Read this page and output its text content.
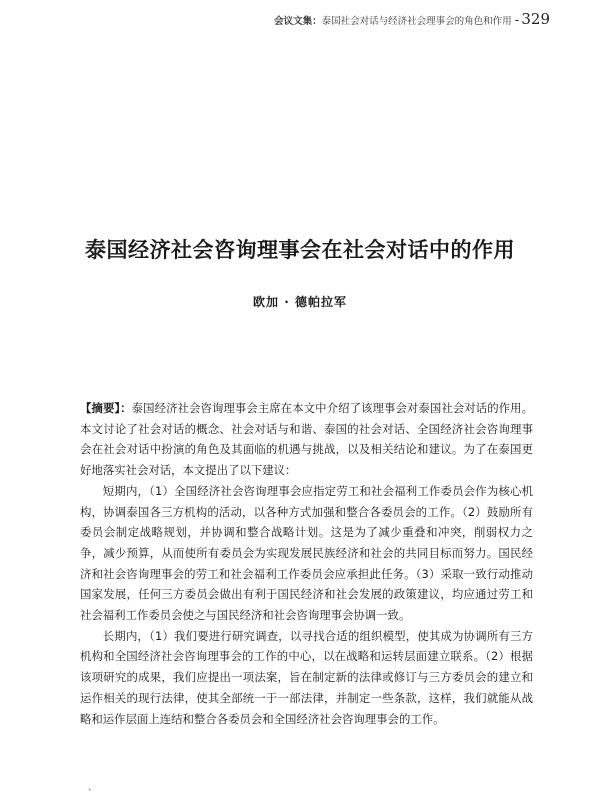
会议文集： 泰国社会对话与经济社会理事会的角色和作用 - 329
泰国经济社会咨询理事会在社会对话中的作用
欧加 · 德帕拉军

【摘要】：泰国经济社会咨询理事会主席在本文中介绍了该理事会对泰国社会对话的作用。本文讨论了社会对话的概念、社会对话与和谐、泰国的社会对话、全国经济社会咨询理事会在社会对话中扮演的角色及其面临的机遇与挑战，以及相关结论和建议。为了在泰国更好地落实社会对话，本文提出了以下建议：

短期内，（1）全国经济社会咨询理事会应指定劳工和社会福利工作委员会作为核心机构，协调泰国各三方机构的活动，以各种方式加强和整合各委员会的工作。（2）鼓励所有委员会制定战略规划，并协调和整合战略计划。这是为了减少重叠和冲突，削弱权力之争，减少预算，从而使所有委员会为实现发展民族经济和社会的共同目标而努力。国民经济和社会咨询理事会的劳工和社会福利工作委员会应承担此任务。（3）采取一致行动推动国家发展，任何三方委员会做出有利于国民经济和社会发展的政策建议，均应通过劳工和社会福利工作委员会使之与国民经济和社会咨询理事会协调一致。

长期内，（1）我们要进行研究调查，以寻找合适的组织模型，使其成为协调所有三方机构和全国经济社会咨询理事会的工作的中心，以在战略和运转层面建立联系。（2）根据该项研究的成果，我们应提出一项法案，旨在制定新的法律或修订与三方委员会的建立和运作相关的现行法律，使其全部统一于一部法律，并制定一些条款，这样，我们就能从战略和运作层面上连结和整合各委员会和全国经济社会咨询理事会的工作。

、
